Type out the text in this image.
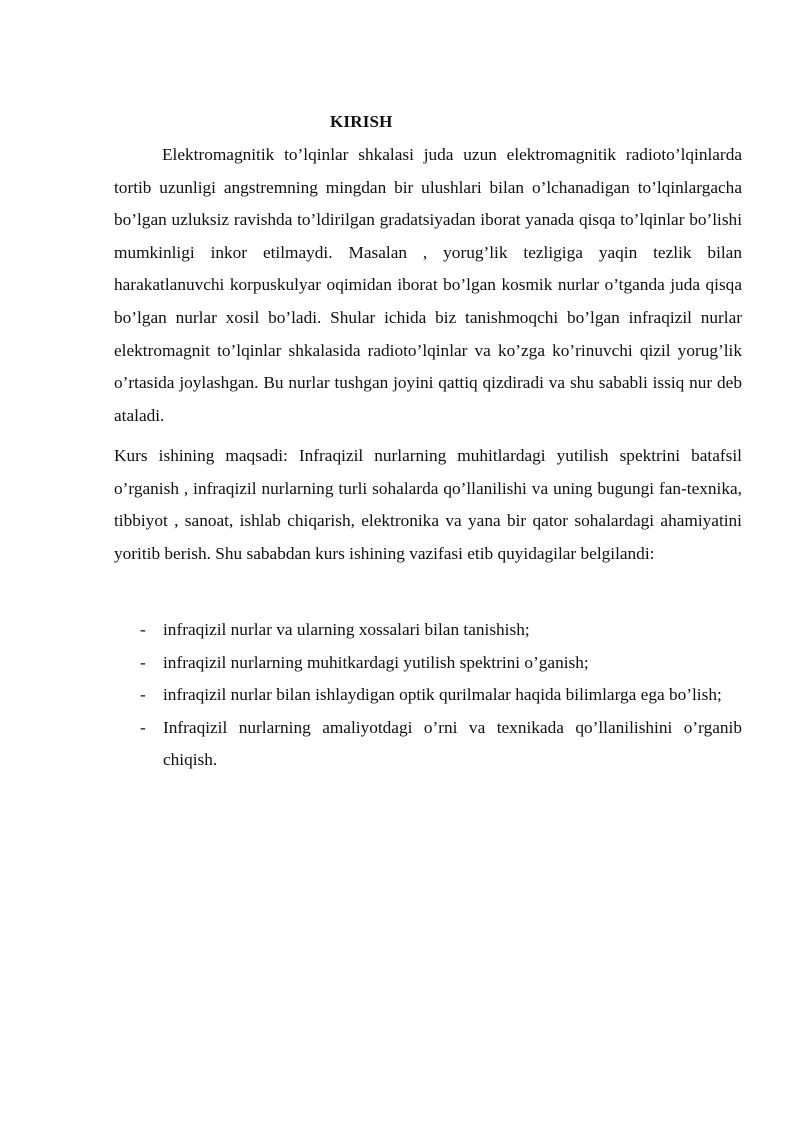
KIRISH

Elektromagnitik to’lqinlar shkalasi juda uzun elektromagnitik radioto’lqinlarda tortib uzunligi angstremning mingdan bir ulushlari bilan o’lchanadigan to’lqinlargacha bo’lgan uzluksiz ravishda to’ldirilgan gradatsiyadan iborat yanada qisqa to’lqinlar bo’lishi mumkinligi inkor etilmaydi. Masalan , yorug’lik tezligiga yaqin tezlik bilan harakatlanuvchi korpuskulyar oqimidan iborat bo’lgan kosmik nurlar o’tganda juda qisqa bo’lgan nurlar xosil bo’ladi. Shular ichida biz tanishmoqchi bo’lgan infraqizil nurlar elektromagnit to’lqinlar shkalasida radioto’lqinlar va ko’zga ko’rinuvchi qizil yorug’lik o’rtasida joylashgan. Bu nurlar tushgan joyini qattiq qizdiradi va shu sababli issiq nur deb ataladi.

Kurs ishining maqsadi: Infraqizil nurlarning muhitlardagi yutilish spektrini batafsil o’rganish , infraqizil nurlarning turli sohalarda qo’llanilishi va uning bugungi fan-texnika, tibbiyot , sanoat, ishlab chiqarish, elektronika va yana bir qator sohalardagi ahamiyatini yoritib berish. Shu sababdan kurs ishining vazifasi etib quyidagilar belgilandi:

- infraqizil nurlar va ularning xossalari bilan tanishish;
- infraqizil nurlarning muhitkardagi yutilish spektrini o’ganish;
- infraqizil nurlar bilan ishlaydigan optik qurilmalar haqida bilimlarga ega bo’lish;
- Infraqizil nurlarning amaliyotdagi o’rni va texnikada qo’llanilishini o’rganib chiqish.
